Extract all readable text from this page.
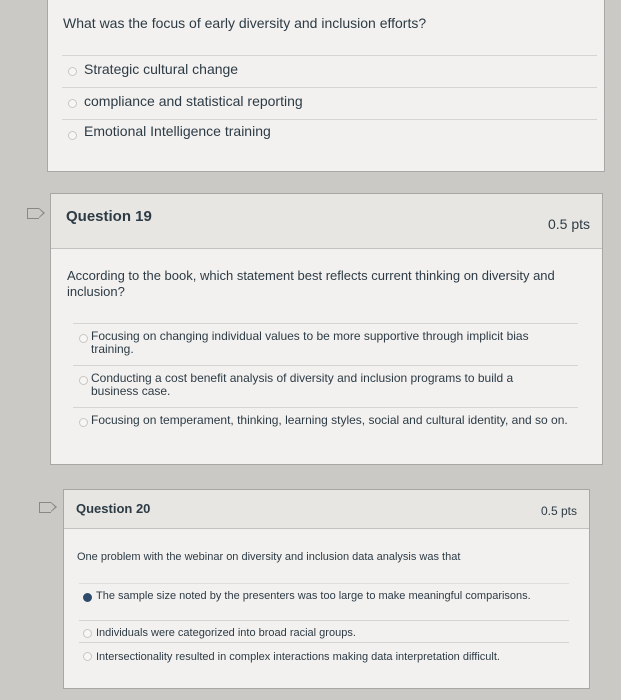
What was the focus of early diversity and inclusion efforts?
Strategic cultural change
compliance and statistical reporting
Emotional Intelligence training
Question 19	0.5 pts
According to the book, which statement best reflects current thinking on diversity and inclusion?
Focusing on changing individual values to be more supportive through implicit bias training.
Conducting a cost benefit analysis of diversity and inclusion programs to build a business case.
Focusing on temperament, thinking, learning styles, social and cultural identity, and so on.
Question 20	0.5 pts
One problem with the webinar on diversity and inclusion data analysis was that
The sample size noted by the presenters was too large to make meaningful comparisons.
Individuals were categorized into broad racial groups.
Intersectionality resulted in complex interactions making data interpretation difficult.
